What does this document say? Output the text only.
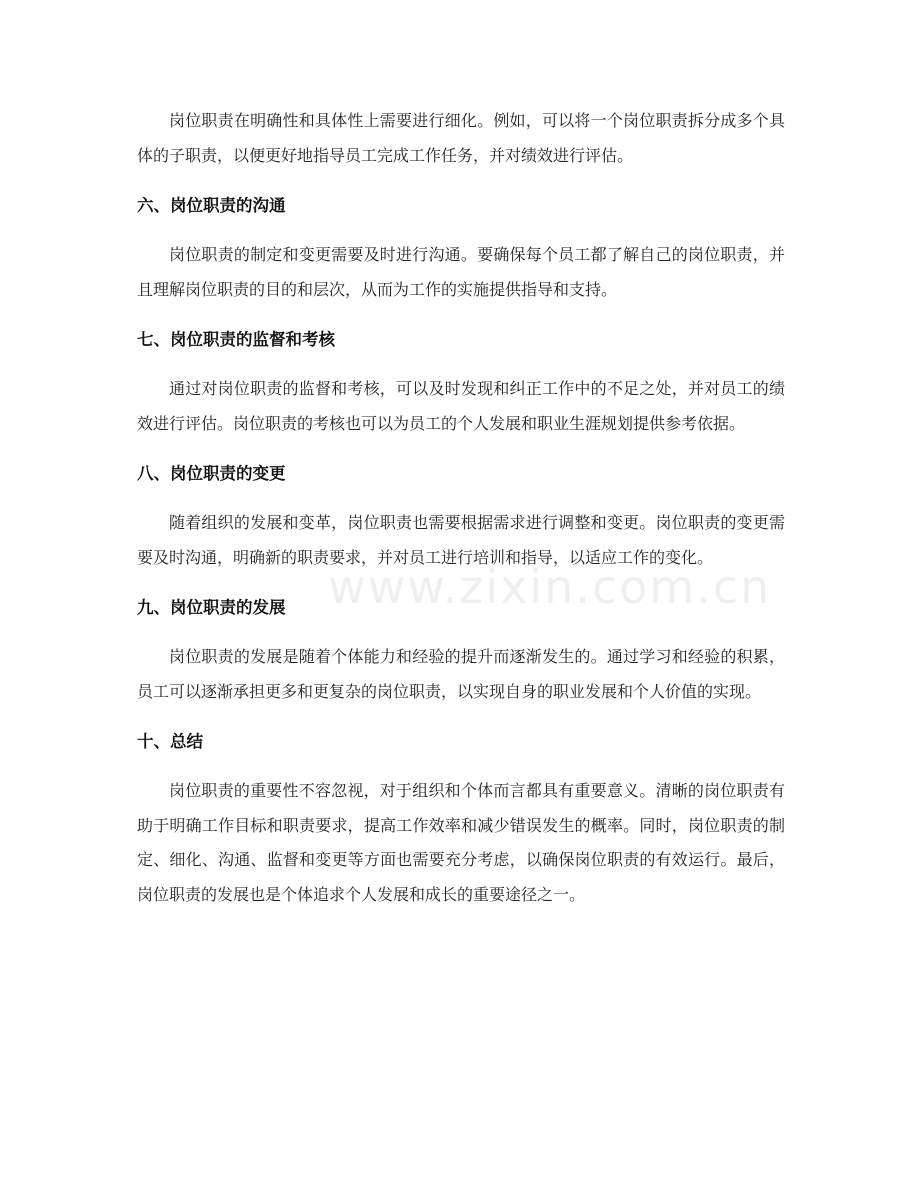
www.zixin.com.cn

岗位职责在明确性和具体性上需要进行细化。例如，可以将一个岗位职责拆分成多个具体的子职责，以便更好地指导员工完成工作任务，并对绩效进行评估。

六、岗位职责的沟通

岗位职责的制定和变更需要及时进行沟通。要确保每个员工都了解自己的岗位职责，并且理解岗位职责的目的和层次，从而为工作的实施提供指导和支持。

七、岗位职责的监督和考核

通过对岗位职责的监督和考核，可以及时发现和纠正工作中的不足之处，并对员工的绩效进行评估。岗位职责的考核也可以为员工的个人发展和职业生涯规划提供参考依据。

八、岗位职责的变更

随着组织的发展和变革，岗位职责也需要根据需求进行调整和变更。岗位职责的变更需要及时沟通，明确新的职责要求，并对员工进行培训和指导，以适应工作的变化。

九、岗位职责的发展

岗位职责的发展是随着个体能力和经验的提升而逐渐发生的。通过学习和经验的积累，员工可以逐渐承担更多和更复杂的岗位职责，以实现自身的职业发展和个人价值的实现。

十、总结

岗位职责的重要性不容忽视，对于组织和个体而言都具有重要意义。清晰的岗位职责有助于明确工作目标和职责要求，提高工作效率和减少错误发生的概率。同时，岗位职责的制定、细化、沟通、监督和变更等方面也需要充分考虑，以确保岗位职责的有效运行。最后，岗位职责的发展也是个体追求个人发展和成长的重要途径之一。
